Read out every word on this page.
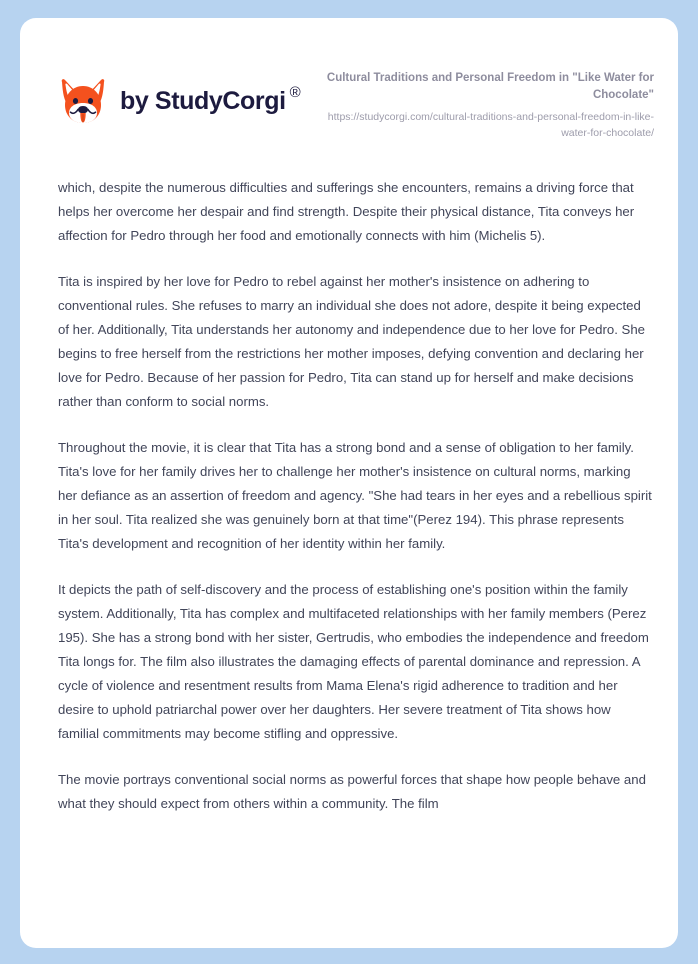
by StudyCorgi ®

Cultural Traditions and Personal Freedom in "Like Water for Chocolate"

https://studycorgi.com/cultural-traditions-and-personal-freedom-in-like-water-for-chocolate/

which, despite the numerous difficulties and sufferings she encounters, remains a driving force that helps her overcome her despair and find strength. Despite their physical distance, Tita conveys her affection for Pedro through her food and emotionally connects with him (Michelis 5).

Tita is inspired by her love for Pedro to rebel against her mother's insistence on adhering to conventional rules. She refuses to marry an individual she does not adore, despite it being expected of her. Additionally, Tita understands her autonomy and independence due to her love for Pedro. She begins to free herself from the restrictions her mother imposes, defying convention and declaring her love for Pedro. Because of her passion for Pedro, Tita can stand up for herself and make decisions rather than conform to social norms.

Throughout the movie, it is clear that Tita has a strong bond and a sense of obligation to her family. Tita's love for her family drives her to challenge her mother's insistence on cultural norms, marking her defiance as an assertion of freedom and agency. "She had tears in her eyes and a rebellious spirit in her soul. Tita realized she was genuinely born at that time"(Perez 194). This phrase represents Tita's development and recognition of her identity within her family.

It depicts the path of self-discovery and the process of establishing one's position within the family system. Additionally, Tita has complex and multifaceted relationships with her family members (Perez 195). She has a strong bond with her sister, Gertrudis, who embodies the independence and freedom Tita longs for. The film also illustrates the damaging effects of parental dominance and repression. A cycle of violence and resentment results from Mama Elena's rigid adherence to tradition and her desire to uphold patriarchal power over her daughters. Her severe treatment of Tita shows how familial commitments may become stifling and oppressive.

The movie portrays conventional social norms as powerful forces that shape how people behave and what they should expect from others within a community. The film
